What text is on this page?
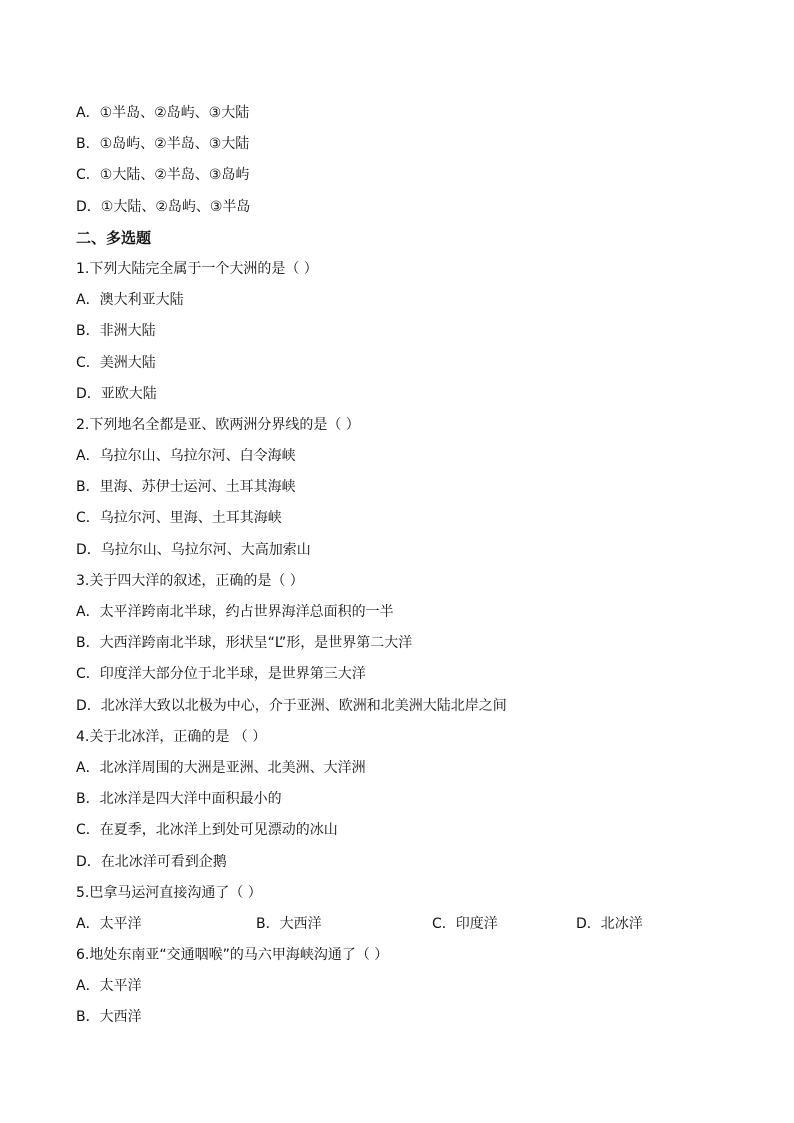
A．①半岛、②岛屿、③大陆
B．①岛屿、②半岛、③大陆
C．①大陆、②半岛、③岛屿
D．①大陆、②岛屿、③半岛
二、多选题
1.下列大陆完全属于一个大洲的是（ ）
A．澳大利亚大陆
B．非洲大陆
C．美洲大陆
D．亚欧大陆
2.下列地名全都是亚、欧两洲分界线的是（ ）
A．乌拉尔山、乌拉尔河、白令海峡
B．里海、苏伊士运河、土耳其海峡
C．乌拉尔河、里海、土耳其海峡
D．乌拉尔山、乌拉尔河、大高加索山
3.关于四大洋的叙述，正确的是（ ）
A．太平洋跨南北半球，约占世界海洋总面积的一半
B．大西洋跨南北半球，形状呈“L”形，是世界第二大洋
C．印度洋大部分位于北半球，是世界第三大洋
D．北冰洋大致以北极为中心，介于亚洲、欧洲和北美洲大陆北岸之间
4.关于北冰洋，正确的是 （ ）
A．北冰洋周围的大洲是亚洲、北美洲、大洋洲
B．北冰洋是四大洋中面积最小的
C．在夏季，北冰洋上到处可见漂动的冰山
D．在北冰洋可看到企鹅
5.巴拿马运河直接沟通了（ ）
A．太平洋	B．大西洋	C．印度洋	D．北冰洋
6.地处东南亚“交通咽喉”的马六甲海峡沟通了（ ）
A．太平洋
B．大西洋
